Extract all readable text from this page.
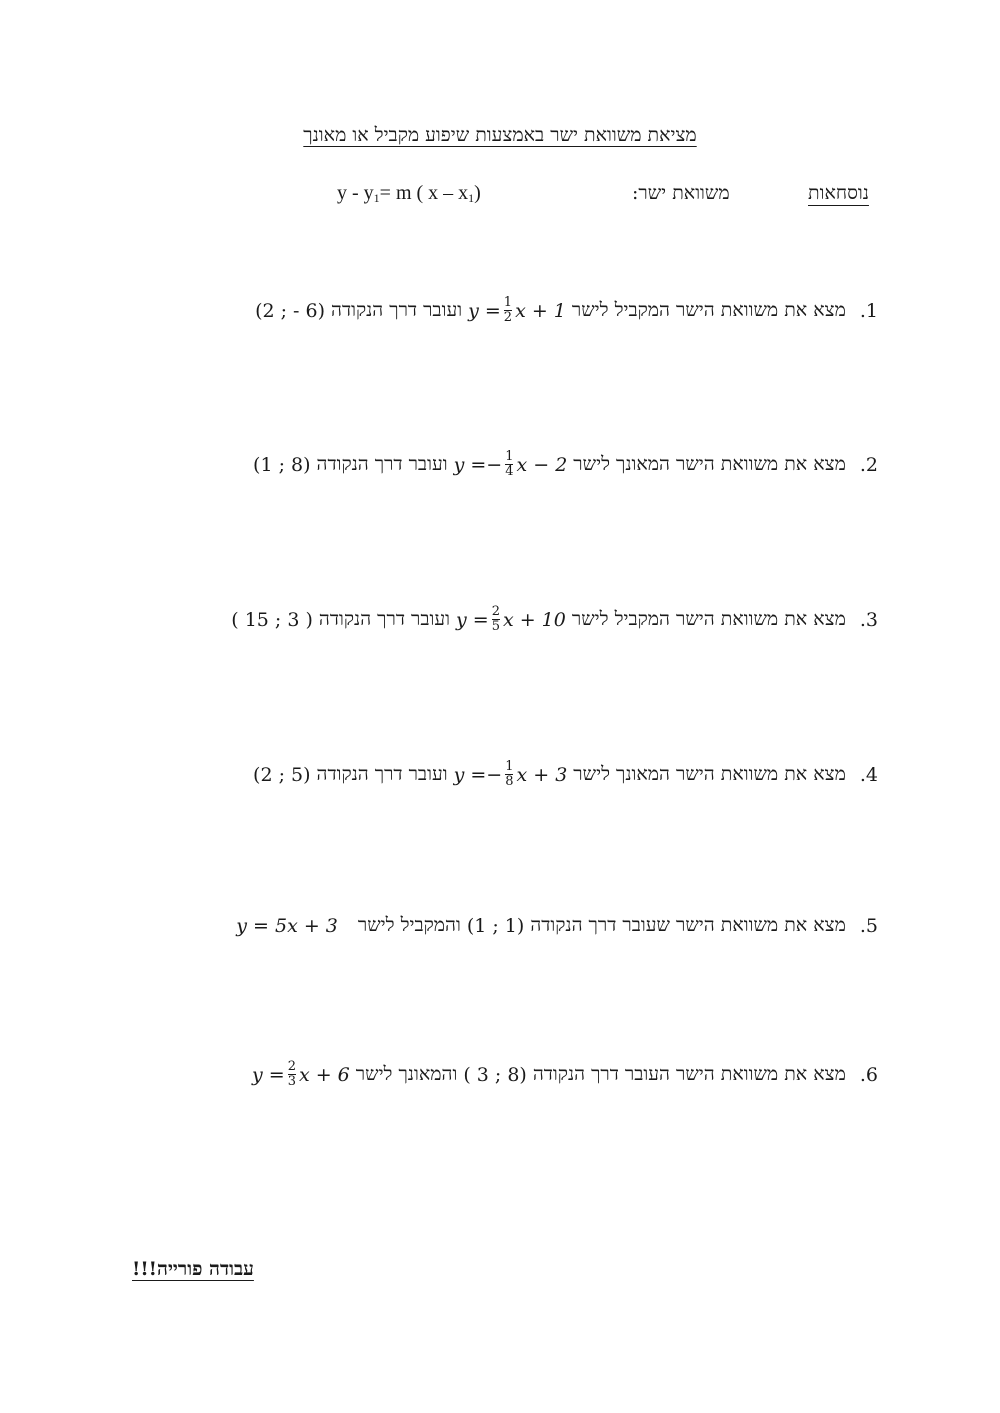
מציאת משוואת ישר באמצעות שיפוע מקביל או מאונך
נוסחאות
משוואת ישר:
$y - y_1= m$ ( x – $x_1$)
1.
מצא את משוואת הישר המקביל לישר
$y = \frac{1}{2}$ x + 1
ועובר דרך הנקודה
(2 ; - 6)
2.
מצא את משוואת הישר המאונך לישר
y = − $\frac{1}{4}$ x − 2
ועובר דרך הנקודה
(1 ; 8)
3.
מצא את משוואת הישר המקביל לישר
$y = \frac{2}{5}$ x + 10
ועובר דרך הנקודה
( 15 ; 3 )
4.
מצא את משוואת הישר המאונך לישר
y = − $\frac{1}{8}$ x + 3
ועובר דרך הנקודה
(2 ; 5)
5.
מצא את משוואת הישר שעובר דרך הנקודה
(1 ; 1)
והמקביל לישר
y = 5x + 3
6.
מצא את משוואת הישר העובר דרך הנקודה
( 3 ; 8)
והמאונך לישר
$y = \frac{2}{3}$ x + 6
עבודה פורייה!!!
